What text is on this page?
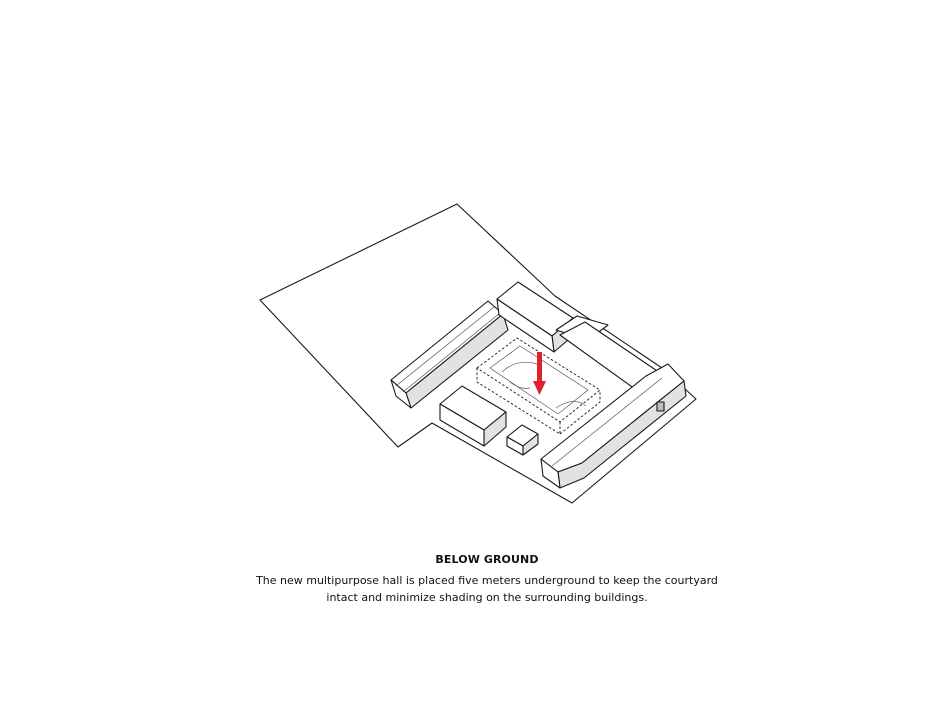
BELOW GROUND
The new multipurpose hall is placed five meters underground to keep the courtyard intact and minimize shading on the surrounding buildings.
